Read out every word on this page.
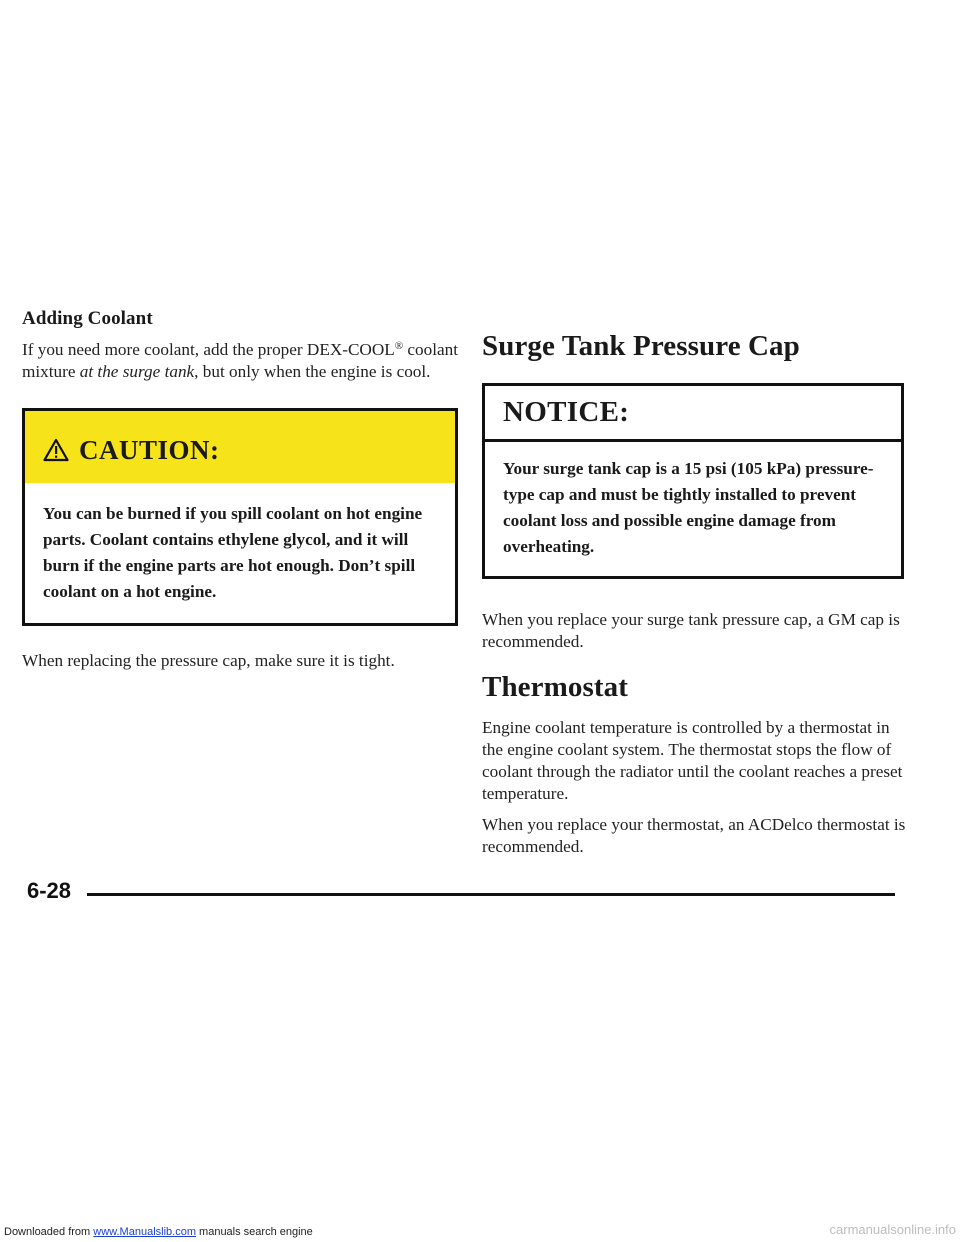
Adding Coolant

If you need more coolant, add the proper DEX-COOL® coolant mixture at the surge tank, but only when the engine is cool.

CAUTION:
You can be burned if you spill coolant on hot engine parts. Coolant contains ethylene glycol, and it will burn if the engine parts are hot enough. Don’t spill coolant on a hot engine.

When replacing the pressure cap, make sure it is tight.

Surge Tank Pressure Cap
NOTICE:
Your surge tank cap is a 15 psi (105 kPa) pressure-type cap and must be tightly installed to prevent coolant loss and possible engine damage from overheating.

When you replace your surge tank pressure cap, a GM cap is recommended.

Thermostat

Engine coolant temperature is controlled by a thermostat in the engine coolant system. The thermostat stops the flow of coolant through the radiator until the coolant reaches a preset temperature.

When you replace your thermostat, an ACDelco thermostat is recommended.

6-28
Downloaded from www.Manualslib.com manuals search engine	carmanualsonline.info
